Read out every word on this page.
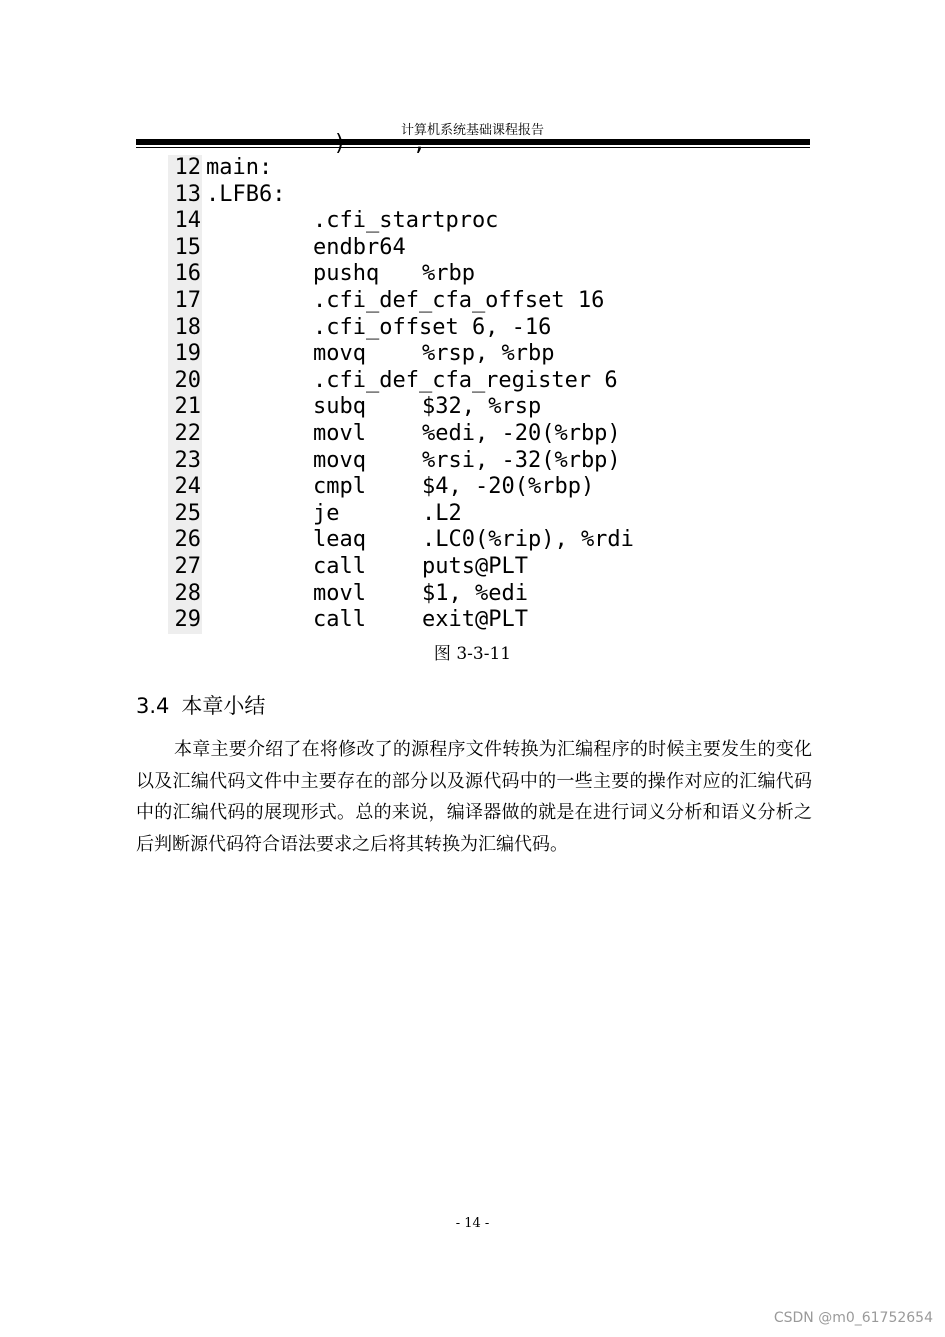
计算机系统基础课程报告
·) · · ,
12 main:
13 .LFB6:
14	.cfi_startproc
15	endbr64
16	pushq %rbp
17	.cfi_def_cfa_offset 16
18	.cfi_offset 6, -16
19	movq	%rsp, %rbp
20	.cfi_def_cfa_register 6
21	subq	$32, %rsp
22	movl	%edi, -20(%rbp)
23	movq	%rsi, -32(%rbp)
24	cmpl	$4, -20(%rbp)
25	je	.L2
26	leaq	.LC0(%rip), %rdi
27	call	puts@PLT
28	movl	$1, %edi
29	call	exit@PLT
图 3-3-11
3.4 本章小结
本章主要介绍了在将修改了的源程序文件转换为汇编程序的时候主要发生的变化以及汇编代码文件中主要存在的部分以及源代码中的一些主要的操作对应的汇编代码中的汇编代码的展现形式。总的来说，编译器做的就是在进行词义分析和语义分析之后判断源代码符合语法要求之后将其转换为汇编代码。
- 14 -
CSDN @m0_61752654
